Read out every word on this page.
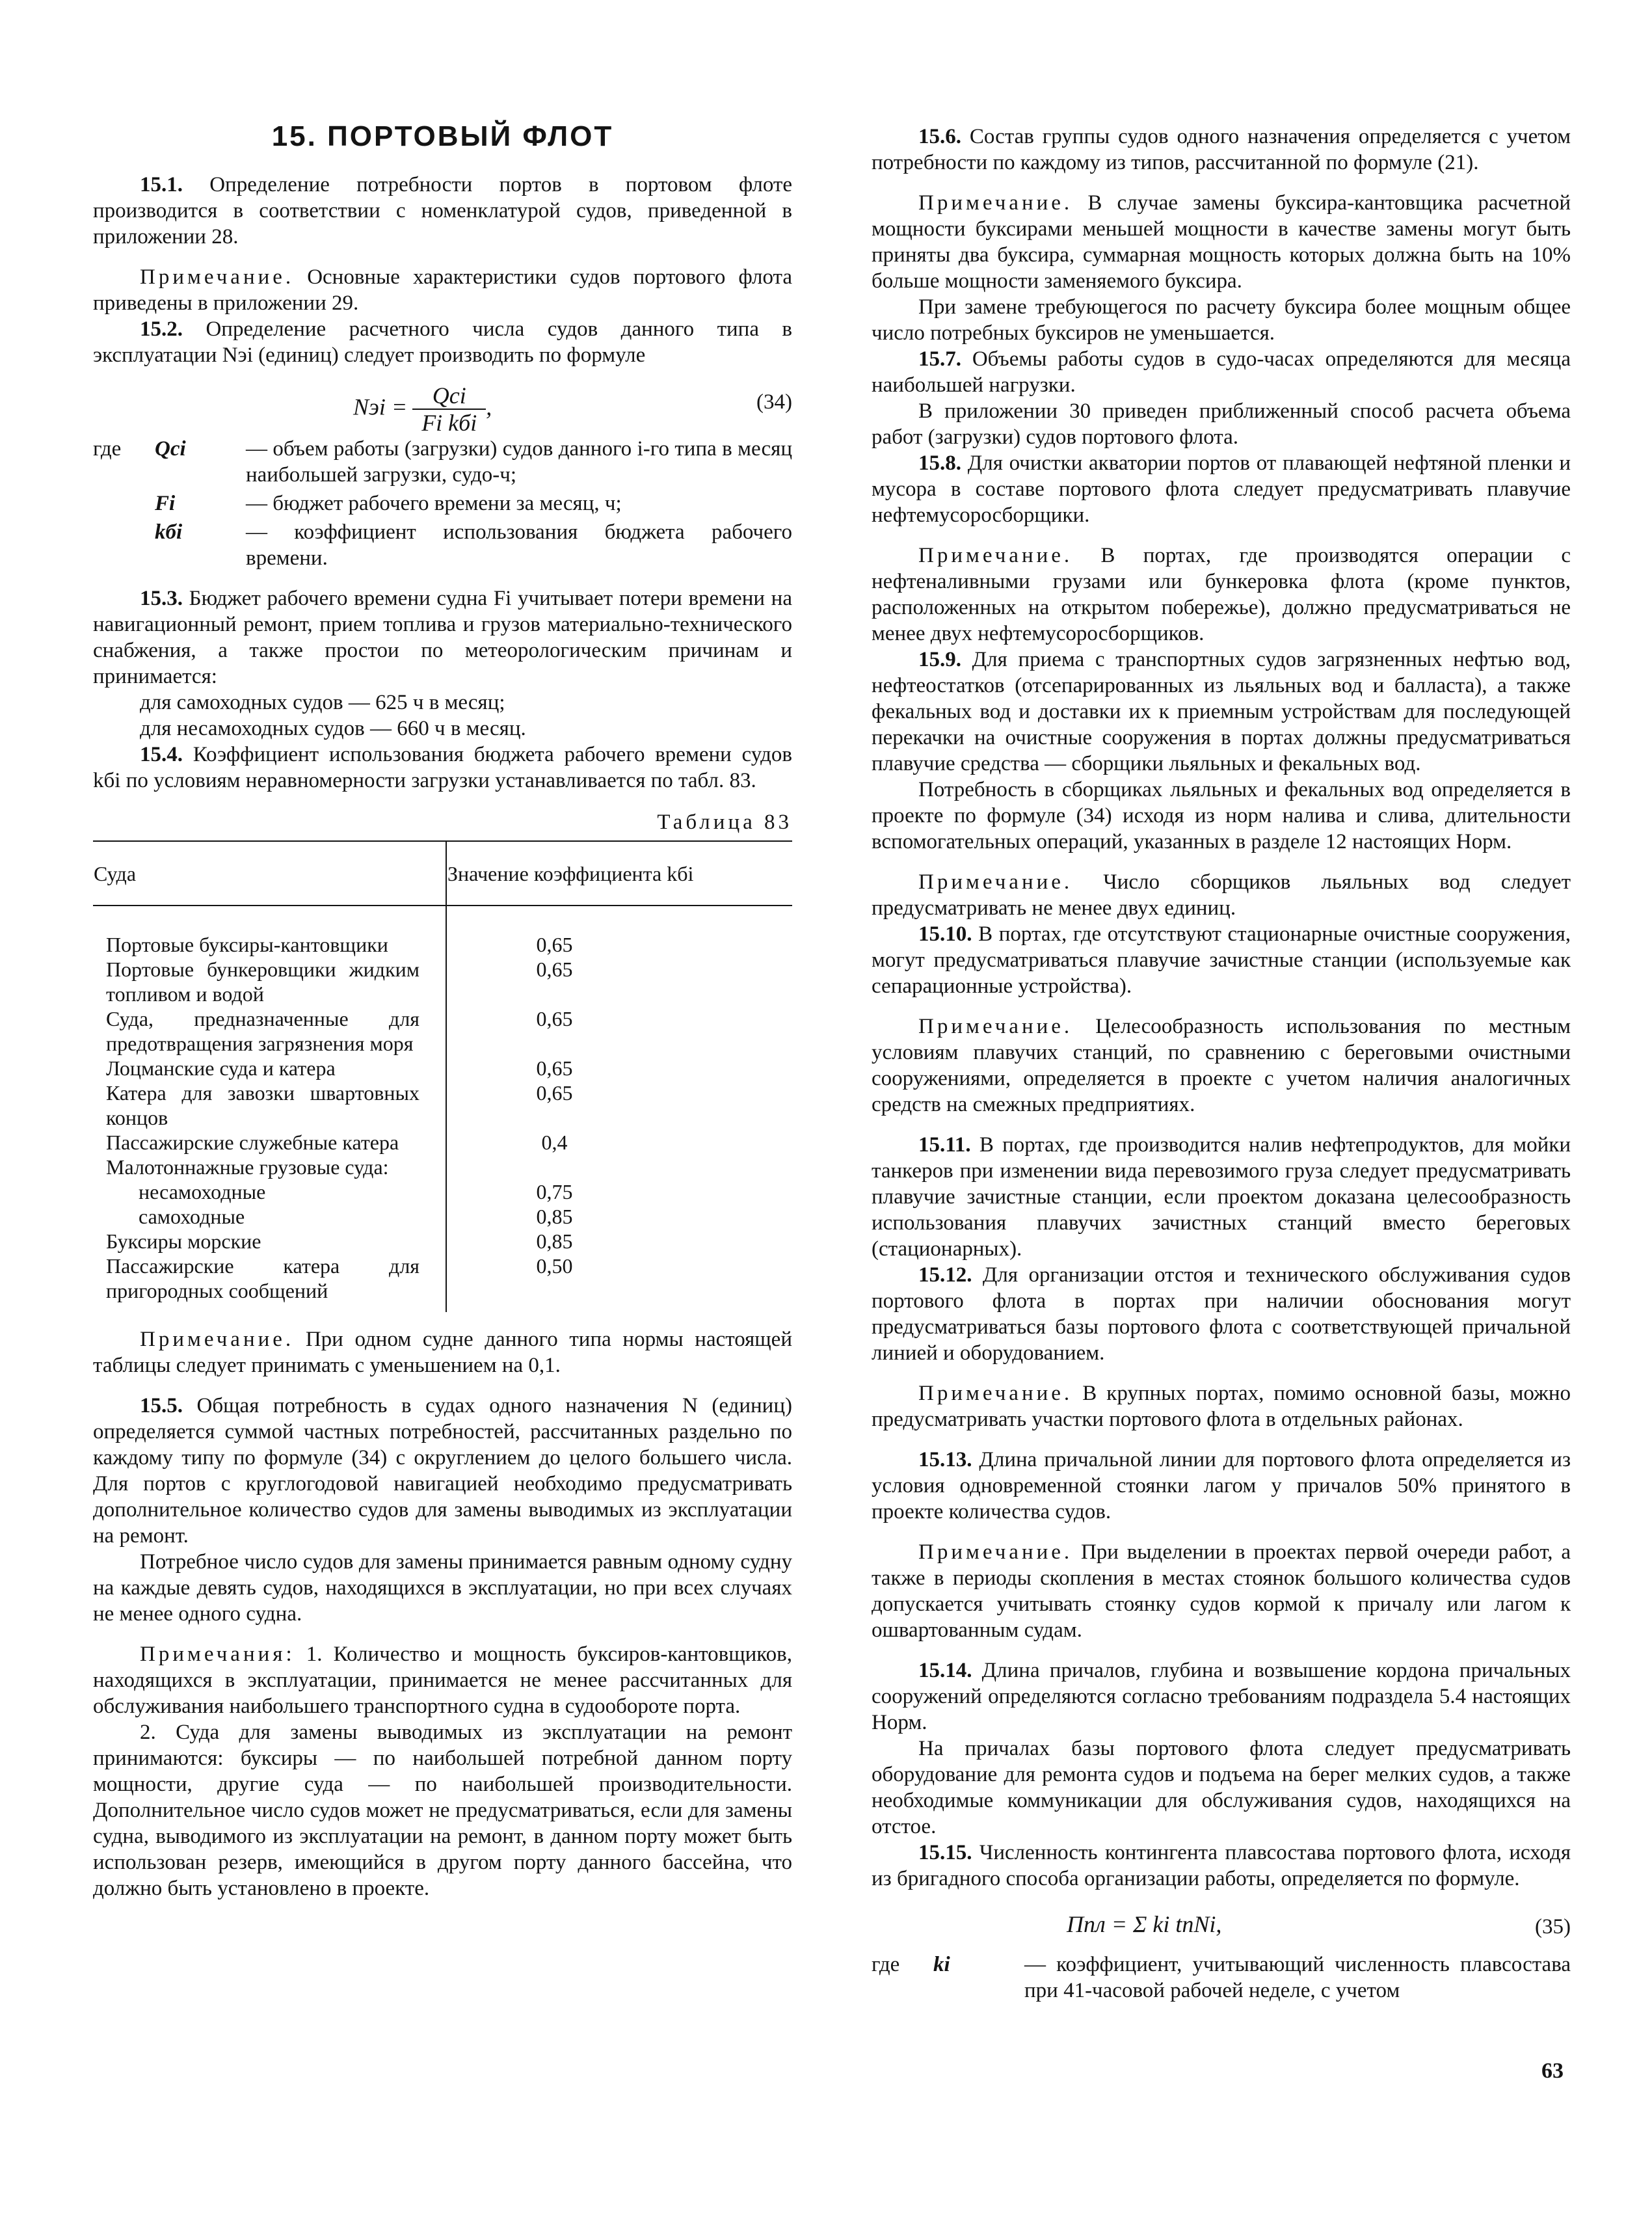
15. ПОРТОВЫЙ ФЛОТ

15.1. Определение потребности портов в портовом флоте производится в соответствии с номенклатурой судов, приведенной в приложении 28.

Примечание. Основные характеристики судов портового флота приведены в приложении 29.

15.2. Определение расчетного числа судов данного типа в эксплуатации Nэi (единиц) следует производить по формуле

Nэi = $\frac{\text{Qci}}{\text{Fi kбi}}$ ,	(34)

где Qci	— объем работы (загрузки) судов данного i-го типа в месяц наибольшей загрузки, судо-ч;

Fi	— бюджет рабочего времени за месяц, ч;

kбi	— коэффициент использования бюджета рабочего времени.

15.3. Бюджет рабочего времени судна Fi учитывает потери времени на навигационный ремонт, прием топлива и грузов материально-технического снабжения, а также простои по метеорологическим причинам и принимается:

для самоходных судов — 625 ч в месяц;

для несамоходных судов — 660 ч в месяц.

15.4. Коэффициент использования бюджета рабочего времени судов kбi по условиям неравномерности загрузки устанавливается по табл. 83.

Таблица 83

Суда	Значение коэффициента kбi
Портовые буксиры-кантовщики	0,65
Портовые бункеровщики жидким топливом и водой	0,65
Суда, предназначенные для предотвращения загрязнения моря	0,65
Лоцманские суда и катера	0,65
Катера для завозки швартовных концов	0,65
Пассажирские служебные катера	0,4
Малотоннажные грузовые суда:	
несамоходные	0,75
самоходные	0,85
Буксиры морские	0,85
Пассажирские катера для пригородных сообщений	0,50

Примечание. При одном судне данного типа нормы настоящей таблицы следует принимать с уменьшением на 0,1.

15.5. Общая потребность в судах одного назначения N (единиц) определяется суммой частных потребностей, рассчитанных раздельно по каждому типу по формуле (34) с округлением до целого большего числа. Для портов с круглогодовой навигацией необходимо предусматривать дополнительное количество судов для замены выводимых из эксплуатации на ремонт.

Потребное число судов для замены принимается равным одному судну на каждые девять судов, находящихся в эксплуатации, но при всех случаях не менее одного судна.

Примечания: 1. Количество и мощность буксиров-кантовщиков, находящихся в эксплуатации, принимается не менее рассчитанных для обслуживания наибольшего транспортного судна в судообороте порта.

2. Суда для замены выводимых из эксплуатации на ремонт принимаются: буксиры — по наибольшей потребной данном порту мощности, другие суда — по наибольшей производительности. Дополнительное число судов может не предусматриваться, если для замены судна, выводимого из эксплуатации на ремонт, в данном порту может быть использован резерв, имеющийся в другом порту данного бассейна, что должно быть установлено в проекте.

15.6. Состав группы судов одного назначения определяется с учетом потребности по каждому из типов, рассчитанной по формуле (21).

Примечание. В случае замены буксира-кантовщика расчетной мощности буксирами меньшей мощности в качестве замены могут быть приняты два буксира, суммарная мощность которых должна быть на 10% больше мощности заменяемого буксира.

При замене требующегося по расчету буксира более мощным общее число потребных буксиров не уменьшается.

15.7. Объемы работы судов в судо-часах определяются для месяца наибольшей нагрузки.

В приложении 30 приведен приближенный способ расчета объема работ (загрузки) судов портового флота.

15.8. Для очистки акватории портов от плавающей нефтяной пленки и мусора в составе портового флота следует предусматривать плавучие нефтемусоросборщики.

Примечание. В портах, где производятся операции с нефтеналивными грузами или бункеровка флота (кроме пунктов, расположенных на открытом побережье), должно предусматриваться не менее двух нефтемусоросборщиков.

15.9. Для приема с транспортных судов загрязненных нефтью вод, нефтеостатков (отсепарированных из льяльных вод и балласта), а также фекальных вод и доставки их к приемным устройствам для последующей перекачки на очистные сооружения в портах должны предусматриваться плавучие средства — сборщики льяльных и фекальных вод.

Потребность в сборщиках льяльных и фекальных вод определяется в проекте по формуле (34) исходя из норм налива и слива, длительности вспомогательных операций, указанных в разделе 12 настоящих Норм.

Примечание. Число сборщиков льяльных вод следует предусматривать не менее двух единиц.

15.10. В портах, где отсутствуют стационарные очистные сооружения, могут предусматриваться плавучие зачистные станции (используемые как сепарационные устройства).

Примечание. Целесообразность использования по местным условиям плавучих станций, по сравнению с береговыми очистными сооружениями, определяется в проекте с учетом наличия аналогичных средств на смежных предприятиях.

15.11. В портах, где производится налив нефтепродуктов, для мойки танкеров при изменении вида перевозимого груза следует предусматривать плавучие зачистные станции, если проектом доказана целесообразность использования плавучих зачистных станций вместо береговых (стационарных).

15.12. Для организации отстоя и технического обслуживания судов портового флота в портах при наличии обоснования могут предусматриваться базы портового флота с соответствующей причальной линией и оборудованием.

Примечание. В крупных портах, помимо основной базы, можно предусматривать участки портового флота в отдельных районах.

15.13. Длина причальной линии для портового флота определяется из условия одновременной стоянки лагом у причалов 50% принятого в проекте количества судов.

Примечание. При выделении в проектах первой очереди работ, а также в периоды скопления в местах стоянок большого количества судов допускается учитывать стоянку судов кормой к причалу или лагом к ошвартованным судам.

15.14. Длина причалов, глубина и возвышение кордона причальных сооружений определяются согласно требованиям подраздела 5.4 настоящих Норм.

На причалах базы портового флота следует предусматривать оборудование для ремонта судов и подъема на берег мелких судов, а также необходимые коммуникации для обслуживания судов, находящихся на отстое.

15.15. Численность контингента плавсостава портового флота, исходя из бригадного способа организации работы, определяется по формуле.

Ппл = Σ ki tnNi,	(35)

где ki	— коэффициент, учитывающий численность плавсостава при 41-часовой рабочей неделе, с учетом

63
